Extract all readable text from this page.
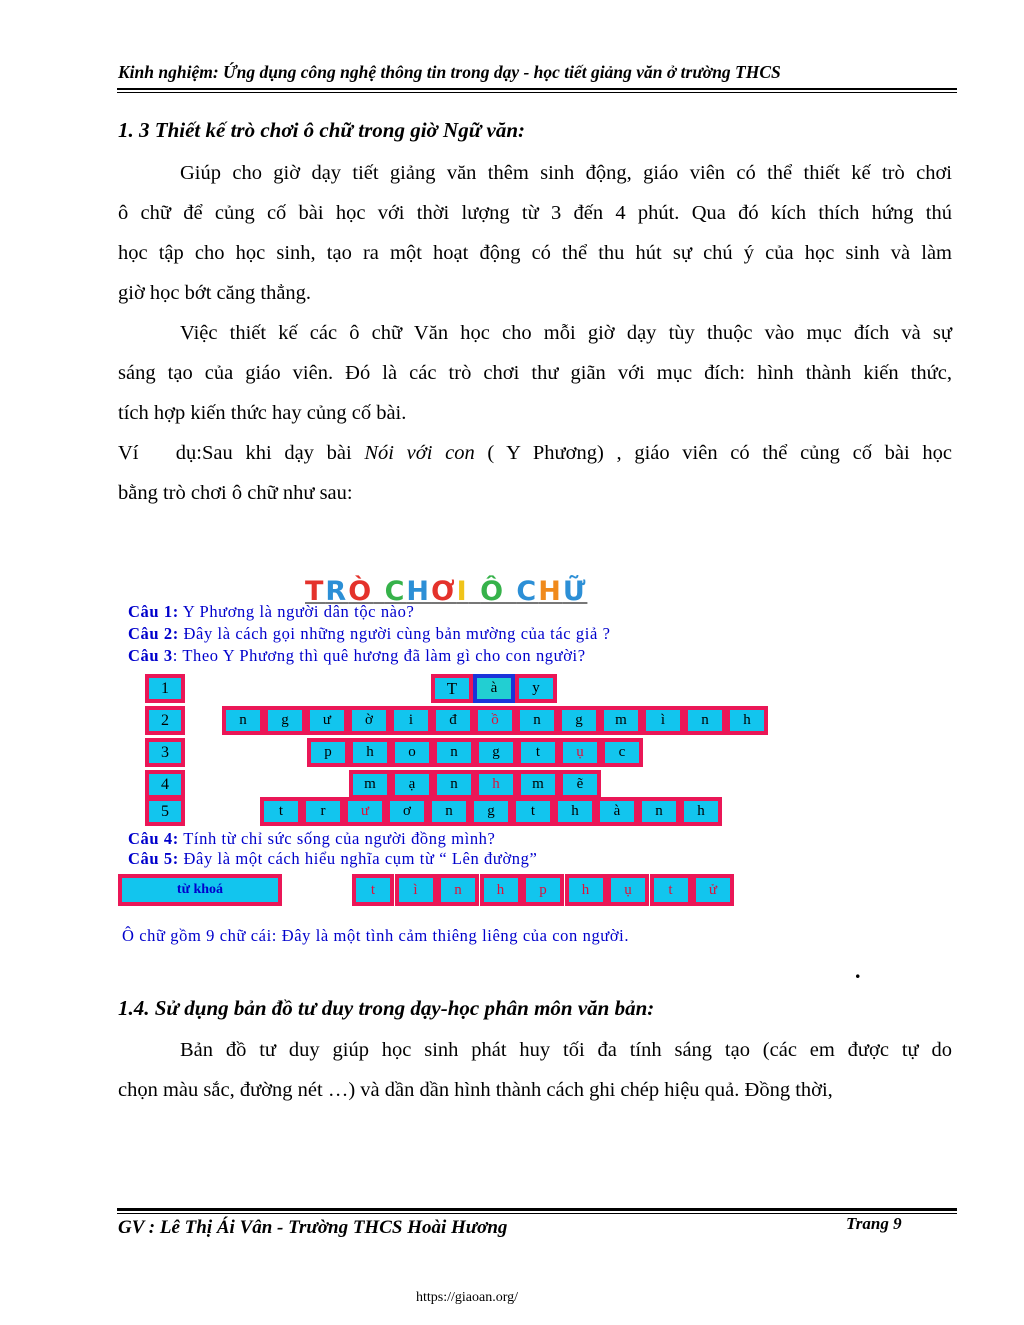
Kinh nghiệm: Ứng dụng công nghệ thông tin trong dạy - học tiết giảng văn ở trường THCS
1. 3 Thiết kế trò chơi ô chữ trong giờ Ngữ văn:

Giúp cho giờ dạy tiết giảng văn thêm sinh động, giáo viên có thể thiết kế trò chơi

ô chữ để củng cố bài học với thời lượng từ 3 đến 4 phút. Qua đó kích thích hứng thú

học tập cho học sinh, tạo ra một hoạt động có thể thu hút sự chú ý của học sinh và làm

giờ học bớt căng thẳng.

Việc thiết kế các ô chữ Văn học cho mỗi giờ dạy tùy thuộc vào mục đích và sự

sáng tạo của giáo viên. Đó là các trò chơi thư giãn với mục đích: hình thành kiến thức,

tích hợp kiến thức hay củng cố bài.

Ví dụ:Sau khi dạy bài Nói với con ( Y Phương) , giáo viên có thể củng cố bài học

bằng trò chơi ô chữ như sau:

TRÒ CHƠI Ô CHỮ
Câu 1: Y Phương là người dân tộc nào?
Câu 2: Đây là cách gọi những người cùng bản mường của tác giả ?
Câu 3: Theo Y Phương thì quê hương đã làm gì cho con người?
1	T	à	y
2	n	g	ư	ờ	i	đ	ồ	n	g	m	ì	n	h
3	p	h	o	n	g	t	ụ	c
4	m	ạ	n	h	m	ẽ
5	t	r	ư	ơ	n	g	t	h	à	n	h
Câu 4: Tính từ chỉ sức sống của người đồng mình?
Câu 5: Đây là một cách hiểu nghĩa cụm từ “ Lên đường”
từ khoá	t	ì	n	h	p	h	ụ	t	ử
Ô chữ gồm 9 chữ cái: Đây là một tình cảm thiêng liêng của con người.
.
1.4. Sử dụng bản đồ tư duy trong dạy-học phân môn văn bản:

Bản đồ tư duy giúp học sinh phát huy tối đa tính sáng tạo (các em được tự do

chọn màu sắc, đường nét …) và dần dần hình thành cách ghi chép hiệu quả. Đồng thời,

GV : Lê Thị Ái Vân - Trường THCS Hoài Hương	Trang 9
https://giaoan.org/
